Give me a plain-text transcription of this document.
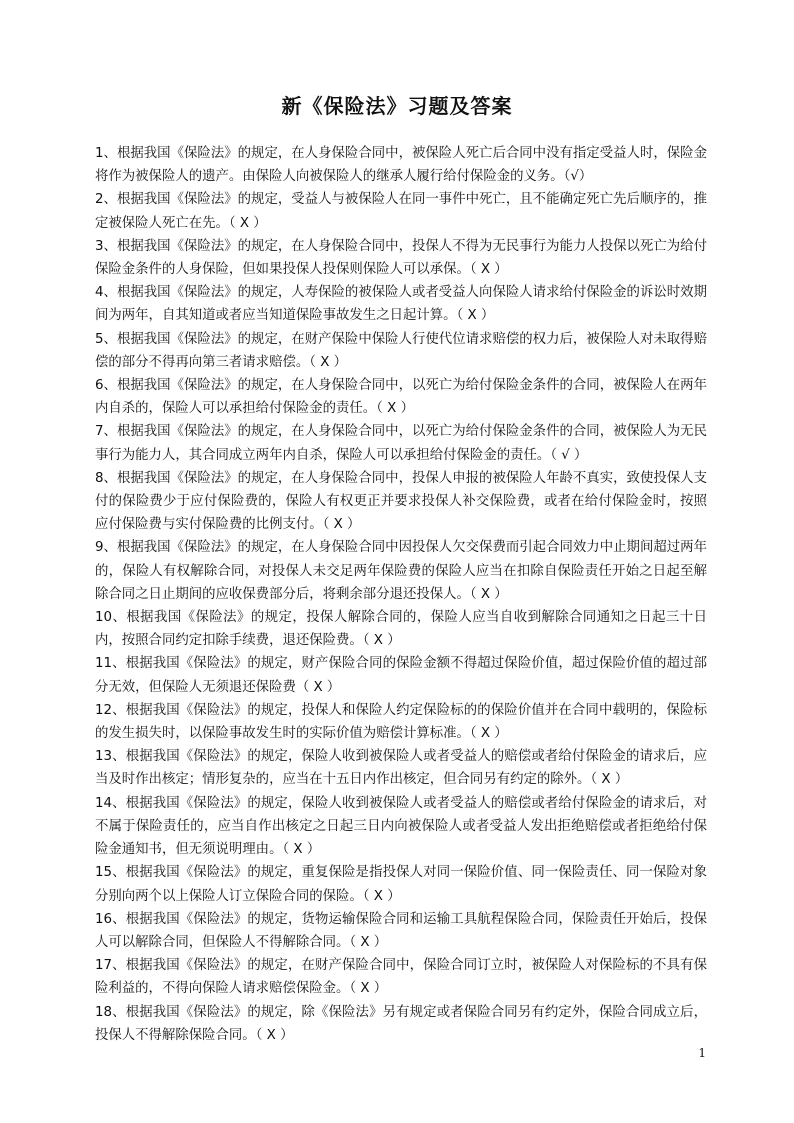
新《保险法》习题及答案
1、根据我国《保险法》的规定，在人身保险合同中，被保险人死亡后合同中没有指定受益人时，保险金将作为被保险人的遗产。由保险人向被保险人的继承人履行给付保险金的义务。（√）
2、根据我国《保险法》的规定，受益人与被保险人在同一事件中死亡，且不能确定死亡先后顺序的，推定被保险人死亡在先。（ X ）
3、根据我国《保险法》的规定，在人身保险合同中，投保人不得为无民事行为能力人投保以死亡为给付保险金条件的人身保险，但如果投保人投保则保险人可以承保。（ X ）
4、根据我国《保险法》的规定，人寿保险的被保险人或者受益人向保险人请求给付保险金的诉讼时效期间为两年，自其知道或者应当知道保险事故发生之日起计算。（ X ）
5、根据我国《保险法》的规定，在财产保险中保险人行使代位请求赔偿的权力后，被保险人对未取得赔偿的部分不得再向第三者请求赔偿。（ X ）
6、根据我国《保险法》的规定，在人身保险合同中，以死亡为给付保险金条件的合同，被保险人在两年内自杀的，保险人可以承担给付保险金的责任。（ X ）
7、根据我国《保险法》的规定，在人身保险合同中，以死亡为给付保险金条件的合同，被保险人为无民事行为能力人，其合同成立两年内自杀，保险人可以承担给付保险金的责任。（ √ ）
8、根据我国《保险法》的规定，在人身保险合同中，投保人申报的被保险人年龄不真实，致使投保人支付的保险费少于应付保险费的，保险人有权更正并要求投保人补交保险费，或者在给付保险金时，按照应付保险费与实付保险费的比例支付。（ X ）
9、根据我国《保险法》的规定，在人身保险合同中因投保人欠交保费而引起合同效力中止期间超过两年的，保险人有权解除合同，对投保人未交足两年保险费的保险人应当在扣除自保险责任开始之日起至解除合同之日止期间的应收保费部分后，将剩余部分退还投保人。（ X ）
10、根据我国《保险法》的规定，投保人解除合同的，保险人应当自收到解除合同通知之日起三十日内，按照合同约定扣除手续费，退还保险费。（ X ）
11、根据我国《保险法》的规定，财产保险合同的保险金额不得超过保险价值，超过保险价值的超过部分无效，但保险人无须退还保险费（ X ）
12、根据我国《保险法》的规定，投保人和保险人约定保险标的的保险价值并在合同中载明的，保险标的发生损失时，以保险事故发生时的实际价值为赔偿计算标准。（ X ）
13、根据我国《保险法》的规定，保险人收到被保险人或者受益人的赔偿或者给付保险金的请求后，应当及时作出核定；情形复杂的，应当在十五日内作出核定，但合同另有约定的除外。（ X ）
14、根据我国《保险法》的规定，保险人收到被保险人或者受益人的赔偿或者给付保险金的请求后，对不属于保险责任的，应当自作出核定之日起三日内向被保险人或者受益人发出拒绝赔偿或者拒绝给付保险金通知书，但无须说明理由。（ X ）
15、根据我国《保险法》的规定，重复保险是指投保人对同一保险价值、同一保险责任、同一保险对象分别向两个以上保险人订立保险合同的保险。（ X ）
16、根据我国《保险法》的规定，货物运输保险合同和运输工具航程保险合同，保险责任开始后，投保人可以解除合同，但保险人不得解除合同。（ X ）
17、根据我国《保险法》的规定，在财产保险合同中，保险合同订立时，被保险人对保险标的不具有保险利益的，不得向保险人请求赔偿保险金。（ X ）
18、根据我国《保险法》的规定，除《保险法》另有规定或者保险合同另有约定外，保险合同成立后，投保人不得解除保险合同。（ X ）
1
